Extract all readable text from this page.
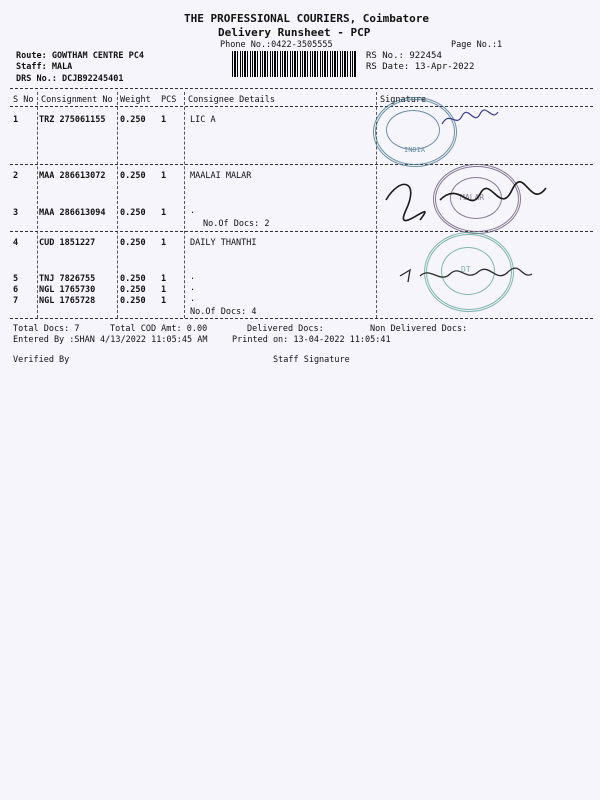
THE PROFESSIONAL COURIERS, Coimbatore
Delivery Runsheet - PCP
Phone No.:0422-3505555	Page No.:1
Route: GOWTHAM CENTRE PC4
Staff: MALA
DRS No.: DCJB92245401
RS No.: 922454
RS Date: 13-Apr-2022
S No Consignment No Weight PCS Consignee Details	Signature
1 TRZ 275061155 0.250 1	LIC A
2 MAA 286613072 0.250 1	MAALAI MALAR
3 MAA 286613094 0.250 1	.
No.Of Docs: 2
4 CUD 1851227	0.250 1	DAILY THANTHI
5 TNJ 7826755	0.250 1	.
6 NGL 1765730	0.250 1	.
7 NGL 1765728	0.250 1	.
No.Of Docs: 4
INDIA
MALAR
DT
Total Docs: 7	Total COD Amt: 0.00	Delivered Docs:	Non Delivered Docs:
Entered By :SHAN 4/13/2022 11:05:45 AM	Printed on: 13-04-2022 11:05:41
Verified By	Staff Signature
